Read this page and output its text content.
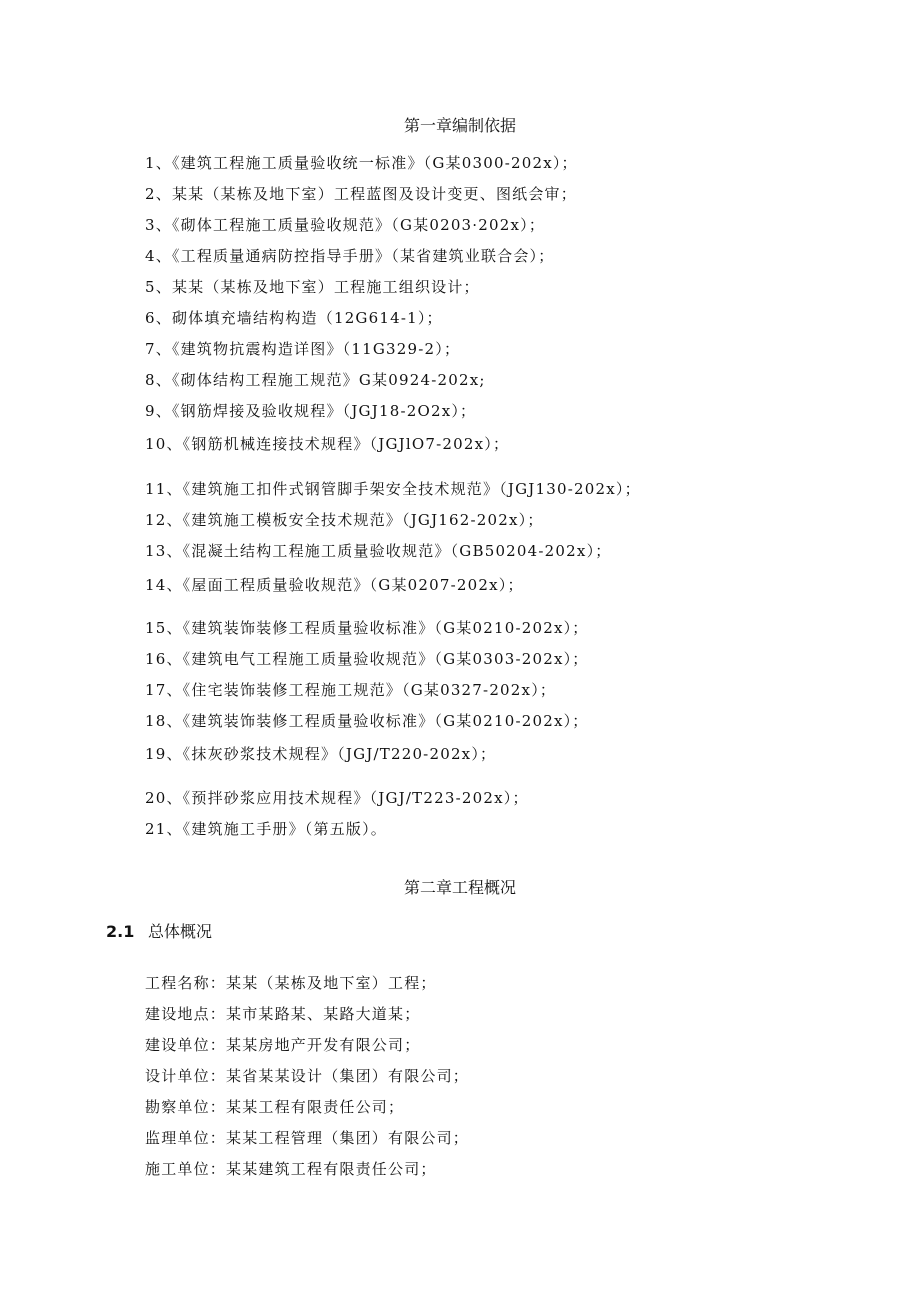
第一章编制依据
1、《建筑工程施工质量验收统一标准》（G某0300-202x）；
2、某某（某栋及地下室）工程蓝图及设计变更、图纸会审；
3、《砌体工程施工质量验收规范》（G某0203·202x）；
4、《工程质量通病防控指导手册》（某省建筑业联合会）；
5、某某（某栋及地下室）工程施工组织设计；
6、砌体填充墙结构构造（12G614-1）；
7、《建筑物抗震构造详图》（11G329-2）；
8、《砌体结构工程施工规范》G某0924-202x;
9、《钢筋焊接及验收规程》（JGJ18-2O2x）；
10、《钢筋机械连接技术规程》（JGJlO7-202x）；
11、《建筑施工扣件式钢管脚手架安全技术规范》（JGJ130-202x）；
12、《建筑施工模板安全技术规范》（JGJ162-202x）；
13、《混凝土结构工程施工质量验收规范》（GB50204-202x）；
14、《屋面工程质量验收规范》（G某0207-202x）；
15、《建筑装饰装修工程质量验收标准》（G某0210-202x）；
16、《建筑电气工程施工质量验收规范》（G某0303-202x）；
17、《住宅装饰装修工程施工规范》（G某0327-202x）；
18、《建筑装饰装修工程质量验收标准》（G某0210-202x）；
19、《抹灰砂浆技术规程》（JGJ/T220-202x）；
20、《预拌砂浆应用技术规程》（JGJ/T223-202x）；
21、《建筑施工手册》（第五版）。
第二章工程概况
2.1 总体概况
工程名称：某某（某栋及地下室）工程；
建设地点：某市某路某、某路大道某；
建设单位：某某房地产开发有限公司；
设计单位：某省某某设计（集团）有限公司；
勘察单位：某某工程有限责任公司；
监理单位：某某工程管理（集团）有限公司；
施工单位：某某建筑工程有限责任公司；
